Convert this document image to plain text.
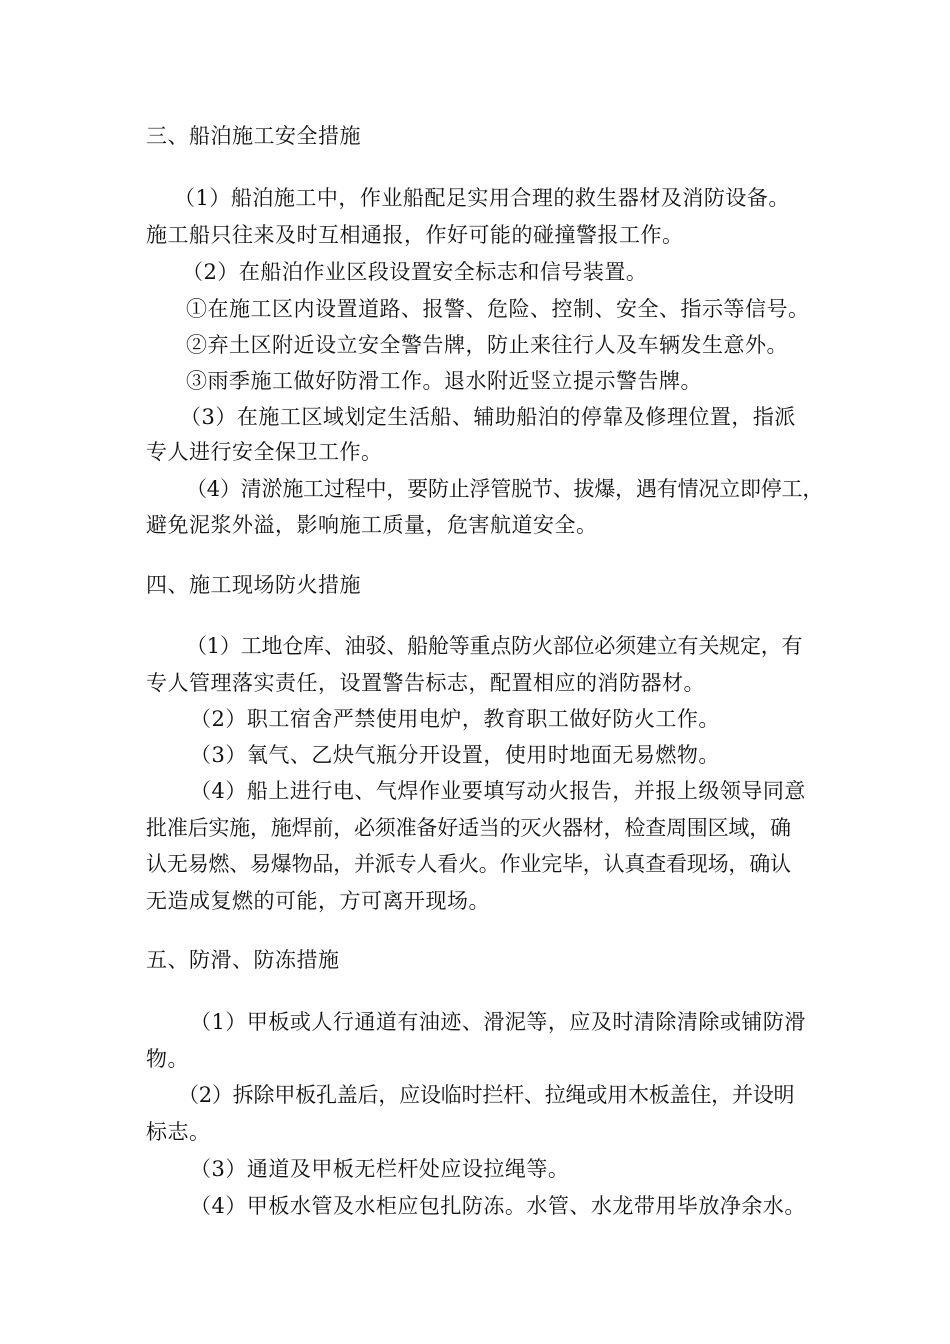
三、船泊施工安全措施
（1）船泊施工中，作业船配足实用合理的救生器材及消防设备。
施工船只往来及时互相通报，作好可能的碰撞警报工作。
（2）在船泊作业区段设置安全标志和信号装置。
①在施工区内设置道路、报警、危险、控制、安全、指示等信号。
②弃土区附近设立安全警告牌，防止来往行人及车辆发生意外。
③雨季施工做好防滑工作。退水附近竖立提示警告牌。
（3）在施工区域划定生活船、辅助船泊的停靠及修理位置，指派
专人进行安全保卫工作。
（4）清淤施工过程中，要防止浮管脱节、拔爆，遇有情况立即停工，
避免泥浆外溢，影响施工质量，危害航道安全。
四、施工现场防火措施
（1）工地仓库、油驳、船舱等重点防火部位必须建立有关规定，有
专人管理落实责任，设置警告标志，配置相应的消防器材。
（2）职工宿舍严禁使用电炉，教育职工做好防火工作。
（3）氧气、乙炔气瓶分开设置，使用时地面无易燃物。
（4）船上进行电、气焊作业要填写动火报告，并报上级领导同意
批准后实施，施焊前，必须准备好适当的灭火器材，检查周围区域，确
认无易燃、易爆物品，并派专人看火。作业完毕，认真查看现场，确认
无造成复燃的可能，方可离开现场。
五、防滑、防冻措施
（1）甲板或人行通道有油迹、滑泥等，应及时清除清除或铺防滑
物。
（2）拆除甲板孔盖后，应设临时拦杆、拉绳或用木板盖住，并设明
标志。
（3）通道及甲板无栏杆处应设拉绳等。
（4）甲板水管及水柜应包扎防冻。水管、水龙带用毕放净余水。
